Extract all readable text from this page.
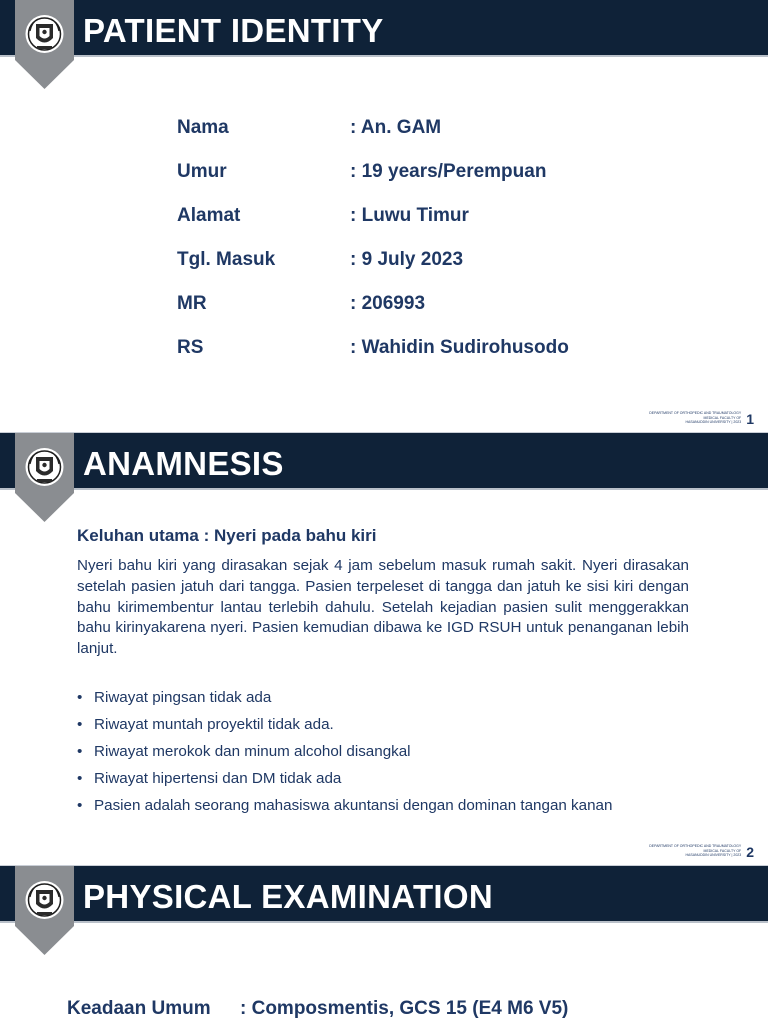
PATIENT IDENTITY
Nama	: An. GAM
Umur	: 19 years/Perempuan
Alamat	: Luwu Timur
Tgl. Masuk	: 9 July 2023
MR	: 206993
RS	: Wahidin Sudirohusodo
DEPARTMENT OF ORTHOPEDIC AND TRAUMATOLOGY
MEDICAL FACULTY OF
HASANUDDIN UNIVERSITY | 2023 1
ANAMNESIS
Keluhan utama : Nyeri pada bahu kiri

Nyeri bahu kiri yang dirasakan sejak 4 jam sebelum masuk rumah sakit. Nyeri dirasakan setelah pasien jatuh dari tangga. Pasien terpeleset di tangga dan jatuh ke sisi kiri dengan bahu kirimembentur lantau terlebih dahulu. Setelah kejadian pasien sulit menggerakkan bahu kirinyakarena nyeri. Pasien kemudian dibawa ke IGD RSUH untuk penanganan lebih lanjut.

• Riwayat pingsan tidak ada
• Riwayat muntah proyektil tidak ada.
• Riwayat merokok dan minum alcohol disangkal
• Riwayat hipertensi dan DM tidak ada
• Pasien adalah seorang mahasiswa akuntansi dengan dominan tangan kanan
DEPARTMENT OF ORTHOPEDIC AND TRAUMATOLOGY
MEDICAL FACULTY OF
HASANUDDIN UNIVERSITY | 2023 2
PHYSICAL EXAMINATION
Keadaan Umum : Composmentis, GCS 15 (E4 M6 V5)
